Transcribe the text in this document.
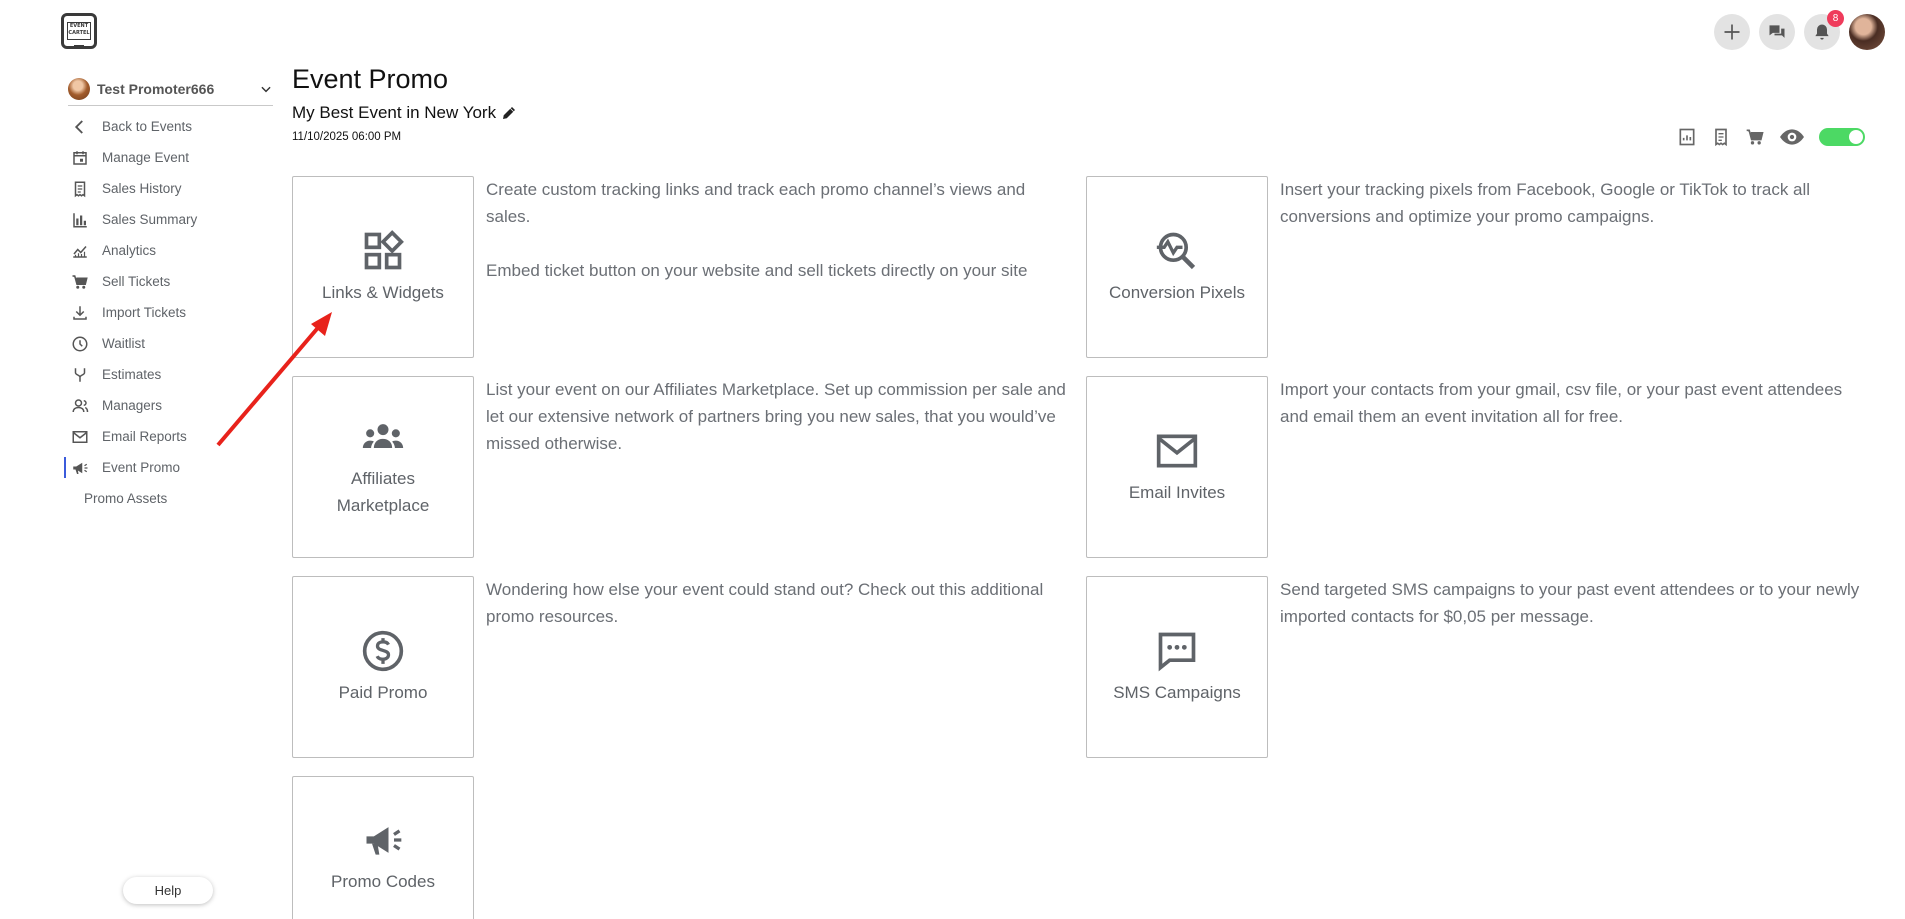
EVENT CARTEL
8
Test Promoter666
Back to Events
Manage Event
Sales History
Sales Summary
Analytics
Sell Tickets
Import Tickets
Waitlist
Estimates
Managers
Email Reports
Event Promo
Promo Assets
Help
Event Promo
My Best Event in New York
11/10/2025 06:00 PM
Links & Widgets

Create custom tracking links and track each promo channel’s views and sales.

Embed ticket button on your website and sell tickets directly on your site

Conversion Pixels
Insert your tracking pixels from Facebook, Google or TikTok to track all conversions and optimize your promo campaigns.
Affiliates Marketplace
List your event on our Affiliates Marketplace. Set up commission per sale and let our extensive network of partners bring you new sales, that you would’ve missed otherwise.
Email Invites
Import your contacts from your gmail, csv file, or your past event attendees and email them an event invitation all for free.
Paid Promo
Wondering how else your event could stand out? Check out this additional promo resources.
SMS Campaigns
Send targeted SMS campaigns to your past event attendees or to your newly imported contacts for $0,05 per message.
Promo Codes
